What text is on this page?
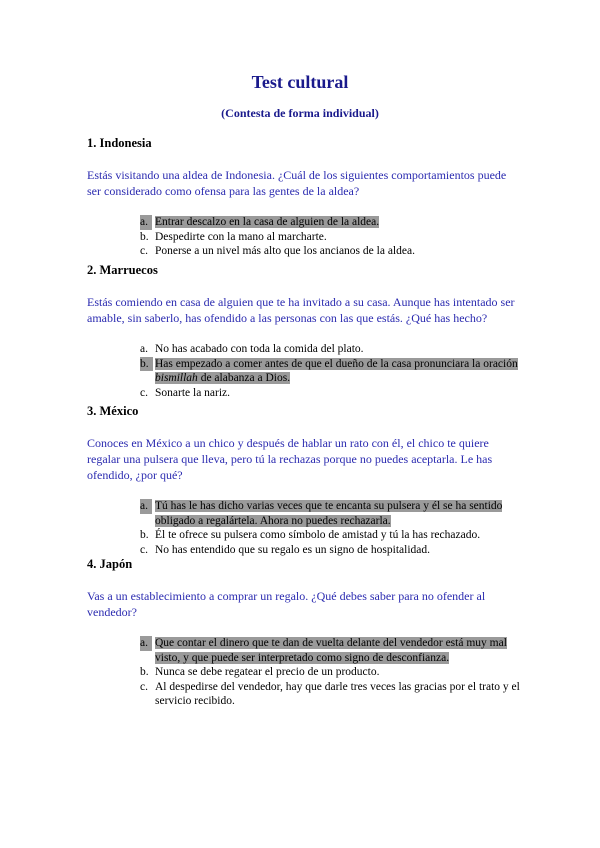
Test cultural
(Contesta de forma individual)
1. Indonesia

Estás visitando una aldea de Indonesia. ¿Cuál de los siguientes comportamientos puede ser considerado como ofensa para las gentes de la aldea?

a. Entrar descalzo en la casa de alguien de la aldea.
b. Despedirte con la mano al marcharte.
c. Ponerse a un nivel más alto que los ancianos de la aldea.
2. Marruecos

Estás comiendo en casa de alguien que te ha invitado a su casa. Aunque has intentado ser amable, sin saberlo, has ofendido a las personas con las que estás. ¿Qué has hecho?

a. No has acabado con toda la comida del plato.
b. Has empezado a comer antes de que el dueño de la casa pronunciara la oración bismillah de alabanza a Dios.
c. Sonarte la nariz.
3. México

Conoces en México a un chico y después de hablar un rato con él, el chico te quiere regalar una pulsera que lleva, pero tú la rechazas porque no puedes aceptarla. Le has ofendido, ¿por qué?

a. Tú has le has dicho varias veces que te encanta su pulsera y él se ha sentido obligado a regalártela. Ahora no puedes rechazarla.
b. Él te ofrece su pulsera como símbolo de amistad y tú la has rechazado.
c. No has entendido que su regalo es un signo de hospitalidad.
4. Japón

Vas a un establecimiento a comprar un regalo. ¿Qué debes saber para no ofender al vendedor?

a. Que contar el dinero que te dan de vuelta delante del vendedor está muy mal visto, y que puede ser interpretado como signo de desconfianza.
b. Nunca se debe regatear el precio de un producto.
c. Al despedirse del vendedor, hay que darle tres veces las gracias por el trato y el servicio recibido.
